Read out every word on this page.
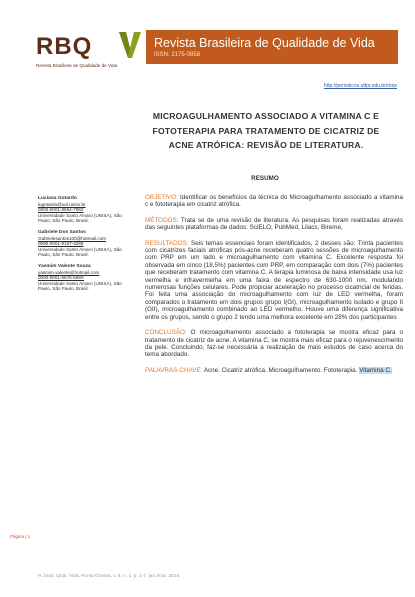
RBQ
Revista Brasileira de Qualidade de Vida
Revista Brasileira de Qualidade de Vida
ISSN: 2175-0858
http://periodicos.utfpr.edu.br/rbqv
MICROAGULHAMENTO ASSOCIADO A VITAMINA C E
FOTOTERAPIA PARA TRATAMENTO DE CICATRIZ DE
ACNE ATRÓFICA: REVISÃO DE LITERATURA.
RESUMO
Luciana Gotardo
lugotardo@uol.uniso.br
0000-0001-8654-7962
Universidade Santo Amaro (UNISA), São Paulo, São Paulo, Brasil.
Gabriele Dos Santos
Gabrielesantos100@hotmail.com
0000-0001-9157-4265
Universidade Santo Amaro (UNISA), São Paulo, São Paulo, Brasil.
Yasmim Valente Souza
yasmim.valente@hotmail.com
0000-0001-6575-568X
Universidade Santo Amaro (UNISA), São Paulo, São Paulo, Brasil.

OBJETIVO: Identificar os benefícios da técnica do Microagulhamento associado a vitamina c e fototerapia em cicatriz atrófica.

MÉTODOS: Trata se de uma revisão de literatura. As pesquisas foram realizadas através das seguintes plataformas de dados: SciELO, PubMed, Lilacs, Bireme,

RESULTADOS: Seis temas essenciais foram identificados, 2 desses são: Trinta pacientes com cicatrizes faciais atróficas pós-acne receberam quatro sessões de microagulhamento com PRP em um lado e microagulhamento com vitamina C. Excelente resposta foi observada em cinco (18,5%) pacientes com PRP, em comparação com dois (7%) pacientes que receberam tratamento com vitamina C. A terapia luminosa de baixa intensidade usa luz vermelha e infravermelha em uma faixa de espectro de 630-1000 nm, modulando numerosas funções celulares. Pode propiciar aceleração no processo cicatricial de feridas. Foi feita uma associação do microagulhamento com luz de LED vermelha, foram comparados o tratamento em dois grupos grupo I(GI), microagulhamento isolado e grupo II (GII), microagulhamento combinado ao LED vermelho. Houve uma diferença significativa entre os grupos, sendo o grupo 2 tendo uma melhora excelente em 28% dos participantes

CONCLUSÃO: O microagulhamento associado a fototerapia se mostra eficaz para o tratamento de cicatriz de acne. A vitamina C, se mostra mais eficaz para o rejuvenescimento da pele. Concluindo, faz-se necessária a realização de mais estudos de caso acerca do tema abordado.

PALAVRAS-CHAVE: Acne. Cicatriz atrófica. Microagulhamento. Fototerapia. Vitamina C.

Página | 1
R. bras. Qual. Vida, Ponta Grossa, v. 8, n. 1, p. 1-7, jan./mar. 2016.
